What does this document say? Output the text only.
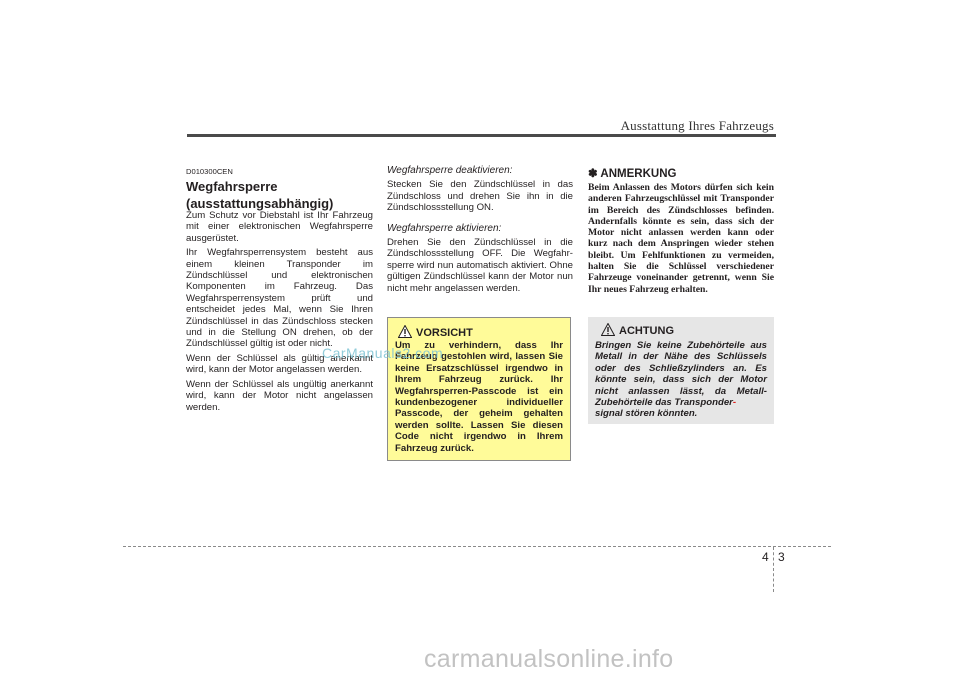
Ausstattung Ihres Fahrzeugs
D010300CEN
Wegfahrsperre
(ausstattungsabhängig)

Zum Schutz vor Diebstahl ist Ihr Fahrzeug mit einer elektronischen Wegfahrsperre ausgerüstet.

Ihr Wegfahrsperrensystem besteht aus einem kleinen Transponder im Zündschlüssel und elektronischen Komponenten im Fahrzeug. Das Wegfahrsperrensystem prüft und entscheidet jedes Mal, wenn Sie Ihren Zündschlüssel in das Zündschloss stecken und in die Stellung ON drehen, ob der Zündschlüssel gültig ist oder nicht.

Wenn der Schlüssel als gültig anerkannt wird, kann der Motor angelassen werden.

Wenn der Schlüssel als ungültig anerkannt wird, kann der Motor nicht angelassen werden.

Wegfahrsperre deaktivieren:

Stecken Sie den Zündschlüssel in das Zündschloss und drehen Sie ihn in die Zündschlossstellung ON.

Wegfahrsperre aktivieren:

Drehen Sie den Zündschlüssel in die Zündschlossstellung OFF. Die Wegfahr-sperre wird nun automatisch aktiviert. Ohne gültigen Zündschlüssel kann der Motor nun nicht mehr angelassen werden.

VORSICHT
Um zu verhindern, dass Ihr Fahrzeug gestohlen wird, lassen Sie keine Ersatzschlüssel irgendwo in Ihrem Fahrzeug zurück. Ihr Wegfahrsperren-Passcode ist ein kundenbezogener individueller Passcode, der geheim gehalten werden sollte. Lassen Sie diesen Code nicht irgendwo in Ihrem Fahrzeug zurück.
✽ ANMERKUNG
Beim Anlassen des Motors dürfen sich kein anderen Fahrzeugschlüssel mit Transponder im Bereich des Zündschlosses befinden. Andernfalls könnte es sein, dass sich der Motor nicht anlassen werden kann oder kurz nach dem Anspringen wieder stehen bleibt. Um Fehlfunktionen zu vermeiden, halten Sie die Schlüssel verschiedener Fahrzeuge voneinander getrennt, wenn Sie Ihr neues Fahrzeug erhalten.
ACHTUNG
Bringen Sie keine Zubehörteile aus Metall in der Nähe des Schlüssels oder des Schließzylinders an. Es könnte sein, dass sich der Motor nicht anlassen lässt, da Metall-Zubehörteile das Transponder-
signal stören könnten.
CarManuals2.com
4 3
carmanualsonline.info
